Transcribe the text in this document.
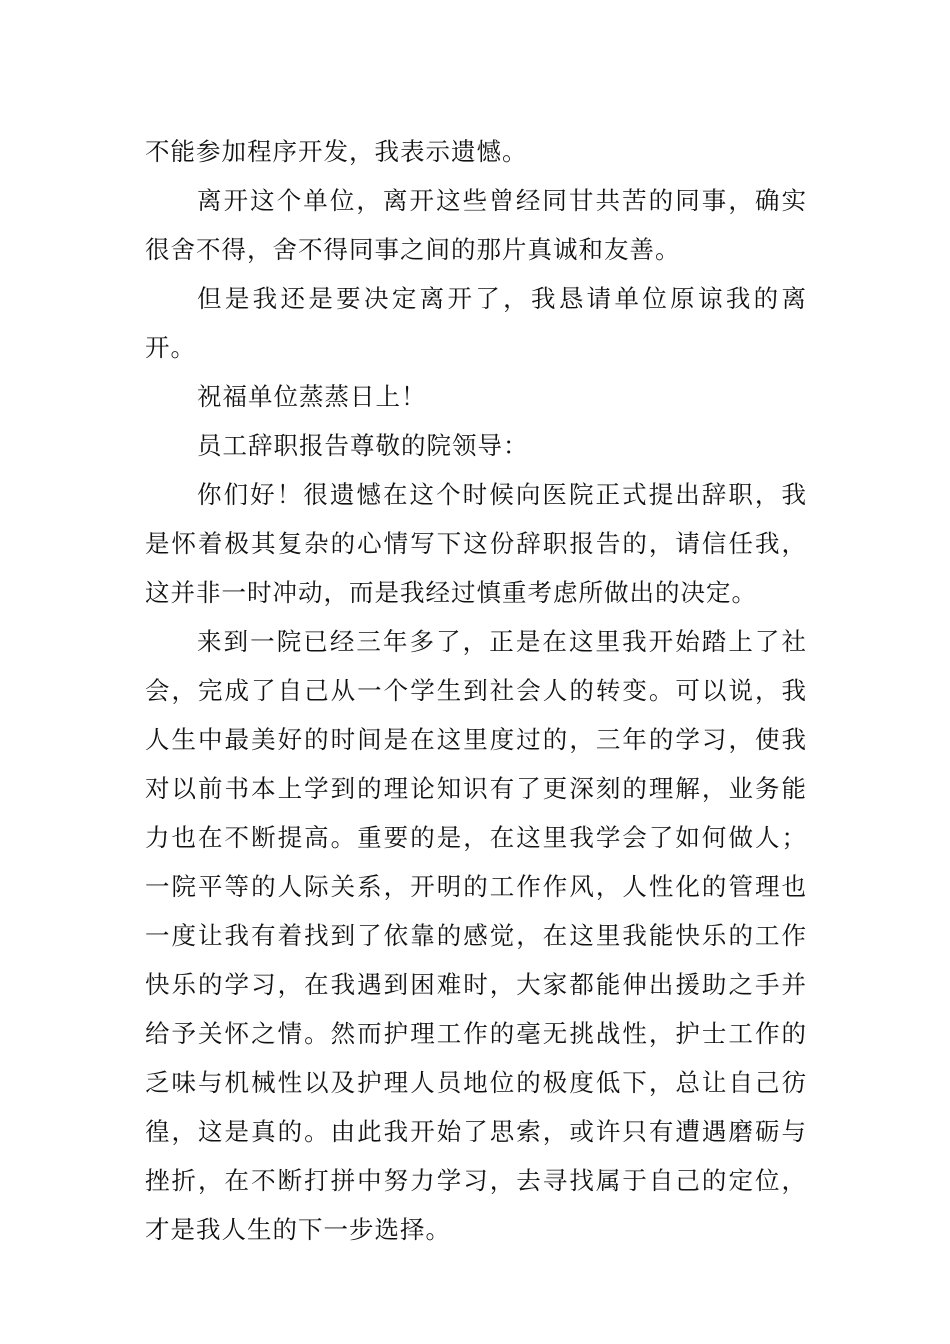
不能参加程序开发，我表示遗憾。

离开这个单位，离开这些曾经同甘共苦的同事，确实很舍不得，舍不得同事之间的那片真诚和友善。

但是我还是要决定离开了，我恳请单位原谅我的离开。

祝福单位蒸蒸日上！

员工辞职报告尊敬的院领导：

你们好！很遗憾在这个时候向医院正式提出辞职，我是怀着极其复杂的心情写下这份辞职报告的，请信任我，这并非一时冲动，而是我经过慎重考虑所做出的决定。

来到一院已经三年多了，正是在这里我开始踏上了社会，完成了自己从一个学生到社会人的转变。可以说，我人生中最美好的时间是在这里度过的，三年的学习，使我对以前书本上学到的理论知识有了更深刻的理解，业务能力也在不断提高。重要的是，在这里我学会了如何做人；一院平等的人际关系，开明的工作作风，人性化的管理也一度让我有着找到了依靠的感觉，在这里我能快乐的工作快乐的学习，在我遇到困难时，大家都能伸出援助之手并给予关怀之情。然而护理工作的毫无挑战性，护士工作的乏味与机械性以及护理人员地位的极度低下，总让自己彷徨，这是真的。由此我开始了思索，或许只有遭遇磨砺与挫折，在不断打拼中努力学习，去寻找属于自己的定位，才是我人生的下一步选择。
